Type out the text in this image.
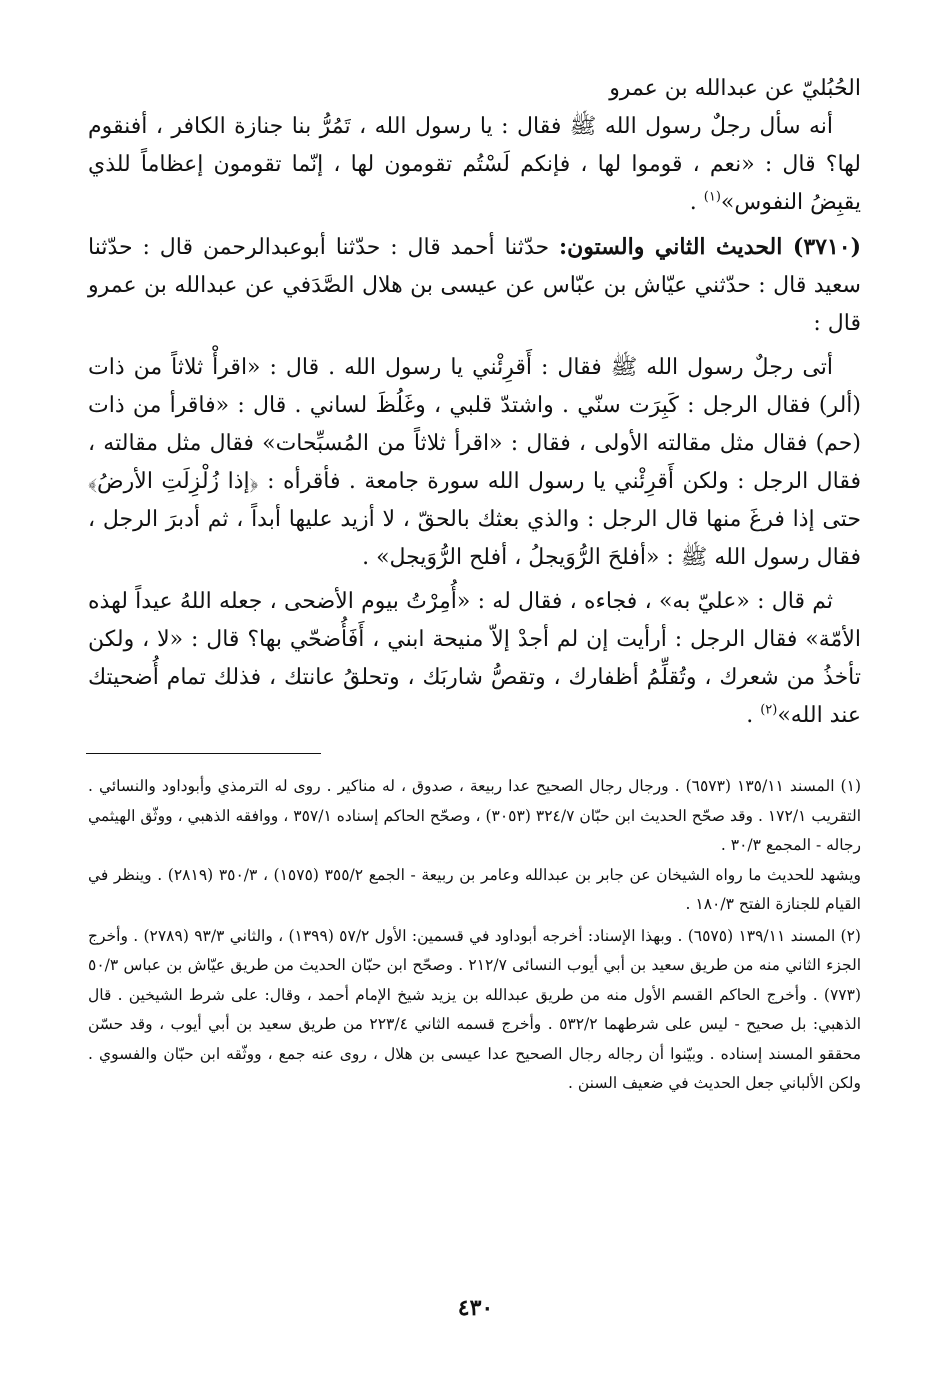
الحُبُليّ عن عبدالله بن عمرو

أنه سأل رجلٌ رسول الله ﷺ فقال : يا رسول الله ، تَمُرُّ بنا جنازة الكافر ، أفنقوم لها؟ قال : «نعم ، قوموا لها ، فإنكم لَسْتُم تقومون لها ، إنّما تقومون إعظاماً للذي يقبِضُ النفوس»$^{(١)}$ .

(٣٧١٠) الحديث الثاني والستون: حدّثنا أحمد قال : حدّثنا أبوعبدالرحمن قال : حدّثنا سعيد قال : حدّثني عيّاش بن عبّاس عن عيسى بن هلال الصَّدَفي عن عبدالله بن عمرو قال :

أتى رجلٌ رسول الله ﷺ فقال : أَقرِئْني يا رسول الله . قال : «اقرأْ ثلاثاً من ذات (ألر) فقال الرجل : كَبِرَت سنّي . واشتدّ قلبي ، وغَلُظَ لساني . قال : «فاقرأ من ذات (حم) فقال مثل مقالته الأولى ، فقال : «اقرأ ثلاثاً من المُسبِّحات» فقال مثل مقالته ، فقال الرجل : ولكن أَقرِئْني يا رسول الله سورة جامعة . فأقرأه : ﴿إذا زُلْزِلَتِ الأرضُ﴾ حتى إذا فرغَ منها قال الرجل : والذي بعثك بالحقّ ، لا أزيد عليها أبداً ، ثم أدبرَ الرجل ، فقال رسول الله ﷺ : «أفلحَ الرُّوَيجلُ ، أفلح الرُّوَيجل» .

ثم قال : «عليّ به» ، فجاءه ، فقال له : «أُمِرْتُ بيوم الأضحى ، جعله اللهُ عيداً لهذه الأمّة» فقال الرجل : أرأيت إن لم أجدْ إلاّ منيحة ابني ، أَفَأُضحّي بها؟ قال : «لا ، ولكن تأخذُ من شعرك ، وتُقلِّمُ أظفارك ، وتقصُّ شاربَك ، وتحلقُ عانتك ، فذلك تمام أُضحيتك عند الله»$^{(٢)}$ .

(١) المسند ١٣٥/١١ (٦٥٧٣) . ورجال رجال الصحيح عدا ربيعة ، صدوق ، له مناكير . روى له الترمذي وأبوداود والنسائي . التقريب ١٧٢/١ . وقد صحّح الحديث ابن حبّان ٣٢٤/٧ (٣٠٥٣) ، وصحّح الحاكم إسناده ٣٥٧/١ ، ووافقه الذهبي ، ووثّق الهيثمي رجاله - المجمع ٣٠/٣ .

ويشهد للحديث ما رواه الشيخان عن جابر بن عبدالله وعامر بن ربيعة - الجمع ٣٥٥/٢ (١٥٧٥) ، ٣٥٠/٣ (٢٨١٩) . وينظر في القيام للجنازة الفتح ١٨٠/٣ .

(٢) المسند ١٣٩/١١ (٦٥٧٥) . وبهذا الإسناد: أخرجه أبوداود في قسمين: الأول ٥٧/٢ (١٣٩٩) ، والثاني ٩٣/٣ (٢٧٨٩) . وأخرج الجزء الثاني منه من طريق سعيد بن أبي أيوب النسائى ٢١٢/٧ . وصحّح ابن حبّان الحديث من طريق عيّاش بن عباس ٥٠/٣ (٧٧٣) . وأخرج الحاكم القسم الأول منه من طريق عبدالله بن يزيد شيخ الإمام أحمد ، وقال: على شرط الشيخين . قال الذهبي: بل صحيح - ليس على شرطهما ٥٣٢/٢ . وأخرج قسمه الثاني ٢٢٣/٤ من طريق سعيد بن أبي أيوب ، وقد حسّن محققو المسند إسناده . وبيّنوا أن رجاله رجال الصحيح عدا عيسى بن هلال ، روى عنه جمع ، ووثّقه ابن حبّان والفسوي . ولكن الألباني جعل الحديث في ضعيف السنن .

٤٣٠
